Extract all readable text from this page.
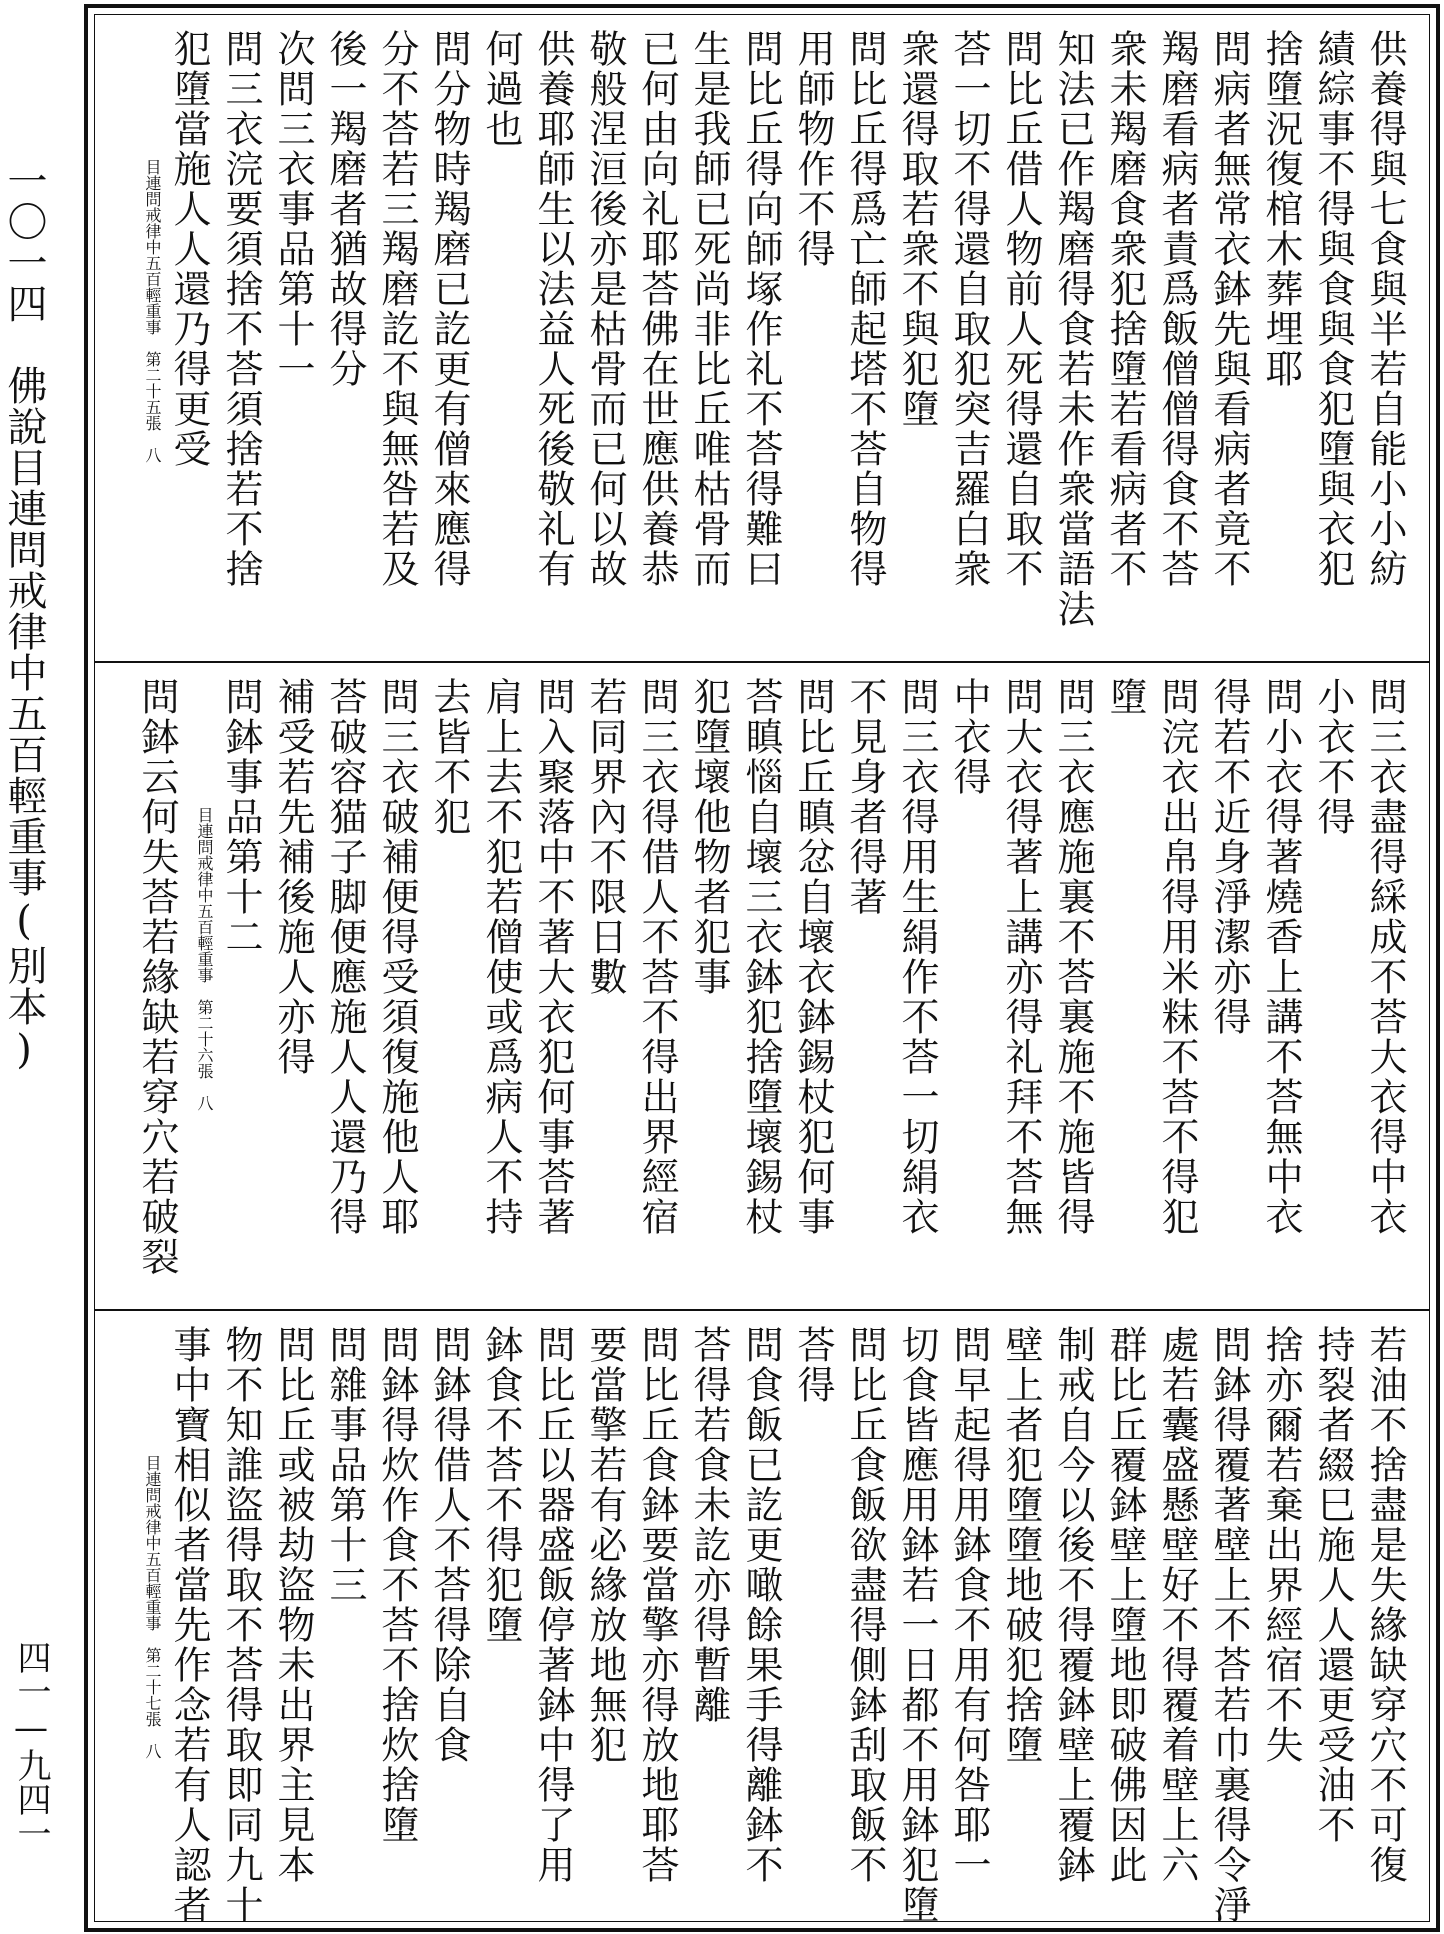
一〇一四　佛說目連問戒律中五百輕重事(別本)
四一—九四一
供養得與七食與半若自能小小紡
績綜事不得與食與食犯墮與衣犯
捨墮況復棺木葬埋耶
問病者無常衣鉢先與看病者竟不
羯磨看病者責爲飯僧僧得食不荅
衆未羯磨食衆犯捨墮若看病者不
知法已作羯磨得食若未作衆當語法
問比丘借人物前人死得還自取不
荅一切不得還自取犯突吉羅白衆
衆還得取若衆不與犯墮
問比丘得爲亡師起塔不荅自物得
用師物作不得
問比丘得向師塚作礼不荅得難曰
生是我師已死尚非比丘唯枯骨而
已何由向礼耶荅佛在世應供養恭
敬般涅洹後亦是枯骨而已何以故
供養耶師生以法益人死後敬礼有
何過也
問分物時羯磨已訖更有僧來應得
分不荅若三羯磨訖不與無咎若及
後一羯磨者猶故得分
次問三衣事品第十一
問三衣浣要須捨不荅須捨若不捨
犯墮當施人人還乃得更受
目連問戒律中五百輕重事　第二十五張　八
問三衣盡得綵成不荅大衣得中衣
小衣不得
問小衣得著燒香上講不荅無中衣
得若不近身淨潔亦得
問浣衣出帛得用米粖不荅不得犯
墮
問三衣應施裏不荅裏施不施皆得
問大衣得著上講亦得礼拜不荅無
中衣得
問三衣得用生絹作不荅一切絹衣
不見身者得著
問比丘瞋忿自壞衣鉢錫杖犯何事
荅瞋惱自壞三衣鉢犯捨墮壞錫杖
犯墮壞他物者犯事
問三衣得借人不荅不得出界經宿
若同界內不限日數
問入聚落中不著大衣犯何事荅著
肩上去不犯若僧使或爲病人不持
去皆不犯
問三衣破補便得受須復施他人耶
荅破容猫子脚便應施人人還乃得
補受若先補後施人亦得
問鉢事品第十二
目連問戒律中五百輕重事　第二十六張　八
問鉢云何失荅若緣缺若穿穴若破裂
若油不捨盡是失緣缺穿穴不可復
持裂者綴巳施人人還更受油不
捨亦爾若棄出界經宿不失
問鉢得覆著壁上不荅若巾裏得令淨
處若囊盛懸壁好不得覆着壁上六
群比丘覆鉢壁上墮地即破佛因此
制戒自今以後不得覆鉢壁上覆鉢
壁上者犯墮墮地破犯捨墮
問早起得用鉢食不用有何咎耶一
切食皆應用鉢若一日都不用鉢犯墮
問比丘食飯欲盡得側鉢刮取飯不
荅得
問食飯已訖更噉餘果手得離鉢不
荅得若食未訖亦得暫離
問比丘食鉢要當擎亦得放地耶荅
要當擎若有必緣放地無犯
問比丘以器盛飯停著鉢中得了用
鉢食不荅不得犯墮
問鉢得借人不荅得除自食
問鉢得炊作食不荅不捨炊捨墮
問雜事品第十三
問比丘或被劫盜物未出界主見本
物不知誰盜得取不荅得取即同九十
事中寶相似者當先作念若有人認者
目連問戒律中五百輕重事　第二十七張　八
